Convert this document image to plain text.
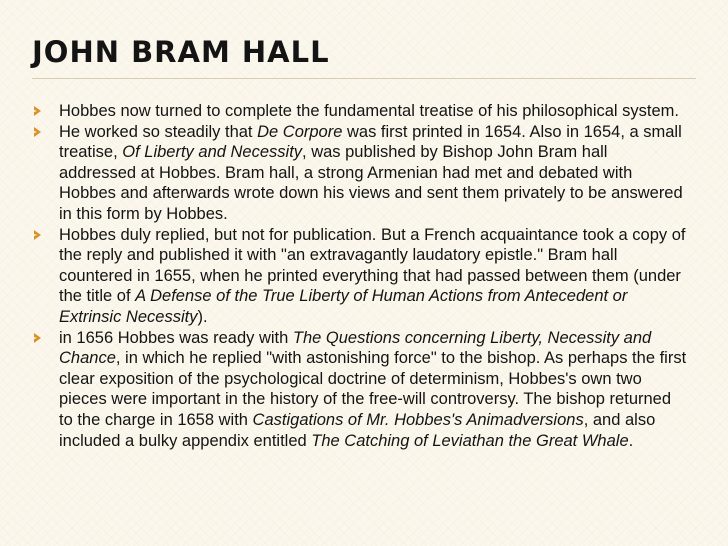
JOHN BRAM HALL
Hobbes now turned to complete the fundamental treatise of his philosophical system.
He worked so steadily that De Corpore was first printed in 1654. Also in 1654, a small treatise, Of Liberty and Necessity, was published by Bishop John Bram hall addressed at Hobbes. Bram hall, a strong Armenian had met and debated with Hobbes and afterwards wrote down his views and sent them privately to be answered in this form by Hobbes.
Hobbes duly replied, but not for publication. But a French acquaintance took a copy of the reply and published it with "an extravagantly laudatory epistle." Bram hall countered in 1655, when he printed everything that had passed between them (under the title of A Defense of the True Liberty of Human Actions from Antecedent or Extrinsic Necessity).
in 1656 Hobbes was ready with The Questions concerning Liberty, Necessity and Chance, in which he replied "with astonishing force" to the bishop. As perhaps the first clear exposition of the psychological doctrine of determinism, Hobbes's own two pieces were important in the history of the free-will controversy. The bishop returned to the charge in 1658 with Castigations of Mr. Hobbes's Animadversions, and also included a bulky appendix entitled The Catching of Leviathan the Great Whale.
